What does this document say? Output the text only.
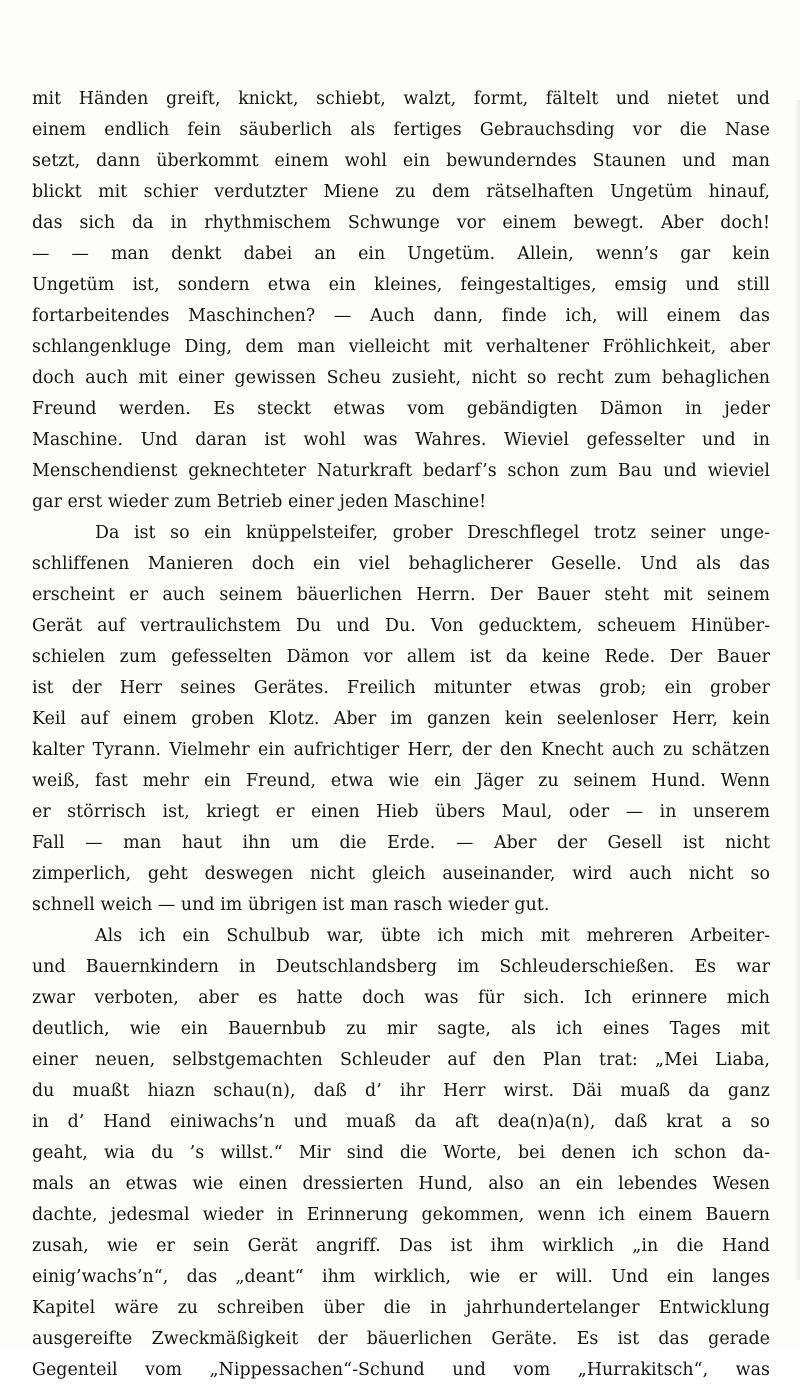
mit Händen greift, knickt, schiebt, walzt, formt, fältelt und nietet und
einem endlich fein säuberlich als fertiges Gebrauchsding vor die Nase
setzt, dann überkommt einem wohl ein bewunderndes Staunen und man
blickt mit schier verdutzter Miene zu dem rätselhaften Ungetüm hinauf,
das sich da in rhythmischem Schwunge vor einem bewegt. Aber doch!
— — man denkt dabei an ein Ungetüm. Allein, wenn’s gar kein
Ungetüm ist, sondern etwa ein kleines, feingestaltiges, emsig und still
fortarbeitendes Maschinchen? — Auch dann, finde ich, will einem das
schlangenkluge Ding, dem man vielleicht mit verhaltener Fröhlichkeit, aber
doch auch mit einer gewissen Scheu zusieht, nicht so recht zum behaglichen
Freund werden. Es steckt etwas vom gebändigten Dämon in jeder
Maschine. Und daran ist wohl was Wahres. Wieviel gefesselter und in
Menschendienst geknechteter Naturkraft bedarf’s schon zum Bau und wieviel
gar erst wieder zum Betrieb einer jeden Maschine!
Da ist so ein knüppelsteifer, grober Dreschflegel trotz seiner unge-
schliffenen Manieren doch ein viel behaglicherer Geselle. Und als das
erscheint er auch seinem bäuerlichen Herrn. Der Bauer steht mit seinem
Gerät auf vertraulichstem Du und Du. Von geducktem, scheuem Hinüber-
schielen zum gefesselten Dämon vor allem ist da keine Rede. Der Bauer
ist der Herr seines Gerätes. Freilich mitunter etwas grob; ein grober
Keil auf einem groben Klotz. Aber im ganzen kein seelenloser Herr, kein
kalter Tyrann. Vielmehr ein aufrichtiger Herr, der den Knecht auch zu schätzen
weiß, fast mehr ein Freund, etwa wie ein Jäger zu seinem Hund. Wenn
er störrisch ist, kriegt er einen Hieb übers Maul, oder — in unserem
Fall — man haut ihn um die Erde. — Aber der Gesell ist nicht
zimperlich, geht deswegen nicht gleich auseinander, wird auch nicht so
schnell weich — und im übrigen ist man rasch wieder gut.
Als ich ein Schulbub war, übte ich mich mit mehreren Arbeiter-
und Bauernkindern in Deutschlandsberg im Schleuderschießen. Es war
zwar verboten, aber es hatte doch was für sich. Ich erinnere mich
deutlich, wie ein Bauernbub zu mir sagte, als ich eines Tages mit
einer neuen, selbstgemachten Schleuder auf den Plan trat: „Mei Liaba,
du muaßt hiazn schau(n), daß d’ ihr Herr wirst. Däi muaß da ganz
in d’ Hand einiwachs’n und muaß da aft dea(n)a(n), daß krat a so
geaht, wia du ’s willst.“ Mir sind die Worte, bei denen ich schon da-
mals an etwas wie einen dressierten Hund, also an ein lebendes Wesen
dachte, jedesmal wieder in Erinnerung gekommen, wenn ich einem Bauern
zusah, wie er sein Gerät angriff. Das ist ihm wirklich „in die Hand
einig’wachs’n“, das „deant“ ihm wirklich, wie er will. Und ein langes
Kapitel wäre zu schreiben über die in jahrhundertelanger Entwicklung
ausgereifte Zweckmäßigkeit der bäuerlichen Geräte. Es ist das gerade
Gegenteil vom „Nippessachen“-Schund und vom „Hurrakitsch“, was
